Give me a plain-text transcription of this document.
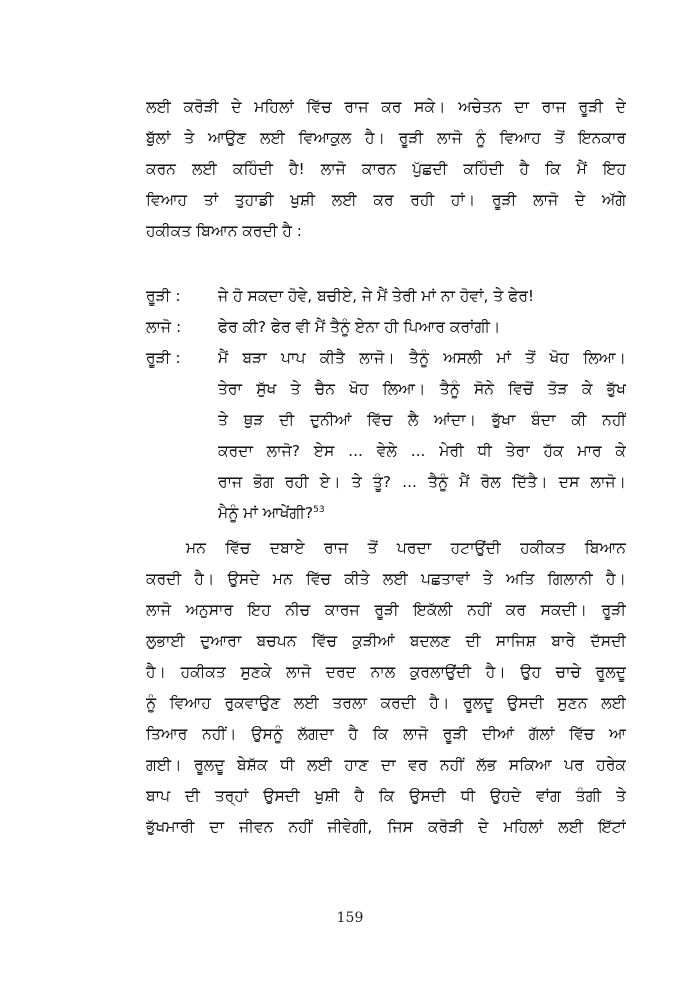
ਲਈ ਕਰੋੜੀ ਦੇ ਮਹਿਲਾਂ ਵਿੱਚ ਰਾਜ ਕਰ ਸਕੇ। ਅਚੇਤਨ ਦਾ ਰਾਜ ਰੂੜੀ ਦੇ
ਬੁੱਲਾਂ ਤੇ ਆਉਣ ਲਈ ਵਿਆਕੁਲ ਹੈ। ਰੂੜੀ ਲਾਜੋ ਨੂੰ ਵਿਆਹ ਤੋਂ ਇਨਕਾਰ
ਕਰਨ ਲਈ ਕਹਿੰਦੀ ਹੈ! ਲਾਜੋ ਕਾਰਨ ਪੁੱਛਦੀ ਕਹਿੰਦੀ ਹੈ ਕਿ ਮੈਂ ਇਹ
ਵਿਆਹ ਤਾਂ ਤੁਹਾਡੀ ਖੁਸ਼ੀ ਲਈ ਕਰ ਰਹੀ ਹਾਂ। ਰੂੜੀ ਲਾਜੋ ਦੇ ਅੱਗੇ
ਹਕੀਕਤ ਬਿਆਨ ਕਰਦੀ ਹੈ :
ਰੂੜੀ :	ਜੇ ਹੋ ਸਕਦਾ ਹੋਵੇ, ਬਚੀਏ, ਜੇ ਮੈਂ ਤੇਰੀ ਮਾਂ ਨਾ ਹੋਵਾਂ, ਤੇ ਫੇਰ!
ਲਾਜੋ :	ਫੇਰ ਕੀ? ਫੇਰ ਵੀ ਮੈਂ ਤੈਨੂੰ ਏਨਾ ਹੀ ਪਿਆਰ ਕਰਾਂਗੀ।
ਰੂੜੀ :	ਮੈਂ ਬੜਾ ਪਾਪ ਕੀਤੈ ਲਾਜੋ। ਤੈਨੂੰ ਅਸਲੀ ਮਾਂ ਤੋਂ ਖੋਹ ਲਿਆ।
ਤੇਰਾ ਸੁੱਖ ਤੇ ਚੈਨ ਖੋਹ ਲਿਆ। ਤੈਨੂੰ ਸੋਨੇ ਵਿਚੋਂ ਤੋੜ ਕੇ ਭੁੱਖ
ਤੇ ਥੁੜ ਦੀ ਦੁਨੀਆਂ ਵਿੱਚ ਲੈ ਆਂਦਾ। ਭੁੱਖਾ ਬੰਦਾ ਕੀ ਨਹੀਂ
ਕਰਦਾ ਲਾਜੋ? ਏਸ ... ਵੇਲੇ ... ਮੇਰੀ ਧੀ ਤੇਰਾ ਹੱਕ ਮਾਰ ਕੇ
ਰਾਜ ਭੋਗ ਰਹੀ ਏ। ਤੇ ਤੂੰ? ... ਤੈਨੂੰ ਮੈਂ ਰੋਲ ਦਿੱਤੈ। ਦਸ ਲਾਜੋ।
ਮੈਨੂੰ ਮਾਂ ਆਖੇਂਗੀ?$^{53}$
ਮਨ ਵਿੱਚ ਦਬਾਏ ਰਾਜ ਤੋਂ ਪਰਦਾ ਹਟਾਉਂਦੀ ਹਕੀਕਤ ਬਿਆਨ
ਕਰਦੀ ਹੈ। ਉਸਦੇ ਮਨ ਵਿੱਚ ਕੀਤੇ ਲਈ ਪਛਤਾਵਾਂ ਤੇ ਅਤਿ ਗਿਲਾਨੀ ਹੈ।
ਲਾਜੋ ਅਨੁਸਾਰ ਇਹ ਨੀਚ ਕਾਰਜ ਰੂੜੀ ਇਕੱਲੀ ਨਹੀਂ ਕਰ ਸਕਦੀ। ਰੂੜੀ
ਲੁਭਾਈ ਦੁਆਰਾ ਬਚਪਨ ਵਿੱਚ ਕੁੜੀਆਂ ਬਦਲਣ ਦੀ ਸਾਜਿਸ਼ ਬਾਰੇ ਦੱਸਦੀ
ਹੈ। ਹਕੀਕਤ ਸੁਣਕੇ ਲਾਜੋ ਦਰਦ ਨਾਲ ਕੁਰਲਾਉਂਦੀ ਹੈ। ਉਹ ਚਾਚੇ ਰੂਲਦੂ
ਨੂੰ ਵਿਆਹ ਰੁਕਵਾਉਣ ਲਈ ਤਰਲਾ ਕਰਦੀ ਹੈ। ਰੂਲਦੂ ਉਸਦੀ ਸੁਣਨ ਲਈ
ਤਿਆਰ ਨਹੀਂ। ਉਸਨੂੰ ਲੱਗਦਾ ਹੈ ਕਿ ਲਾਜੋ ਰੂੜੀ ਦੀਆਂ ਗੱਲਾਂ ਵਿੱਚ ਆ
ਗਈ। ਰੂਲਦੂ ਬੇਸ਼ੱਕ ਧੀ ਲਈ ਹਾਣ ਦਾ ਵਰ ਨਹੀਂ ਲੱਭ ਸਕਿਆ ਪਰ ਹਰੇਕ
ਬਾਪ ਦੀ ਤਰ੍ਹਾਂ ਉਸਦੀ ਖੁਸ਼ੀ ਹੈ ਕਿ ਉਸਦੀ ਧੀ ਉਹਦੇ ਵਾਂਗ ਤੰਗੀ ਤੇ
ਭੁੱਖਮਾਰੀ ਦਾ ਜੀਵਨ ਨਹੀਂ ਜੀਵੇਗੀ, ਜਿਸ ਕਰੋੜੀ ਦੇ ਮਹਿਲਾਂ ਲਈ ਇੱਟਾਂ
159
